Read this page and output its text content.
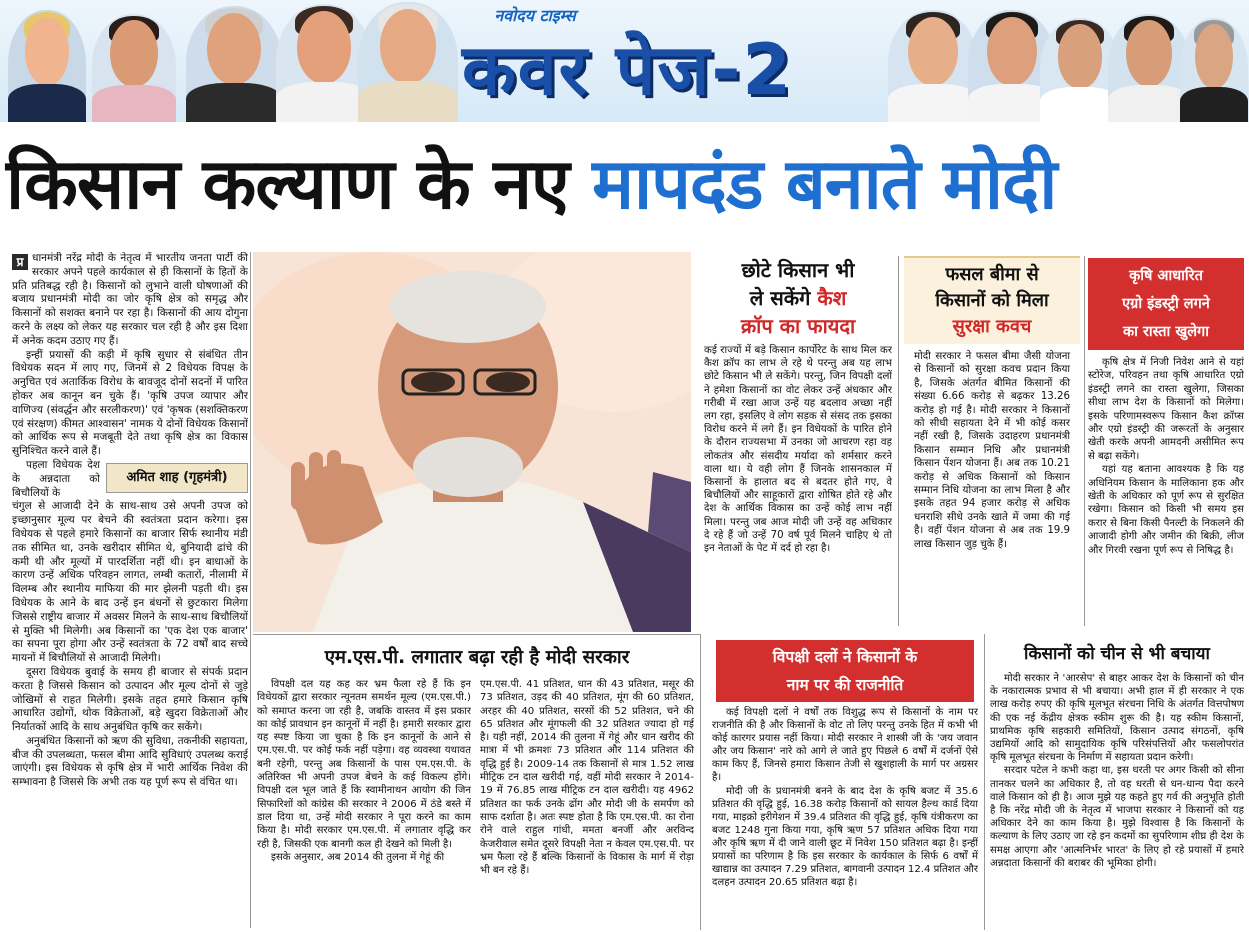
नवोदय टाइम्स
कवर पेज-2
किसान कल्याण के नए मापदंड बनाते मोदी
प्र धानमंत्री नरेंद्र मोदी के नेतृत्व में भारतीय जनता पार्टी की सरकार अपने पहले कार्यकाल से ही किसानों के हितों के प्रति प्रतिबद्ध रही है। किसानों को लुभाने वाली घोषणाओं की बजाय प्रधानमंत्री मोदी का जोर कृषि क्षेत्र को समृद्ध और किसानों को सशक्त बनाने पर रहा है। किसानों की आय दोगुना करने के लक्ष्य को लेकर यह सरकार चल रही है और इस दिशा में अनेक कदम उठाए गए हैं।

इन्हीं प्रयासों की कड़ी में कृषि सुधार से संबंधित तीन विधेयक सदन में लाए गए, जिनमें से 2 विधेयक विपक्ष के अनुचित एवं अतार्किक विरोध के बावजूद दोनों सदनों में पारित होकर अब कानून बन चुके हैं। 'कृषि उपज व्यापार और वाणिज्य (संवर्द्धन और सरलीकरण)' एवं 'कृषक (सशक्तिकरण एवं संरक्षण) कीमत आश्वासन' नामक ये दोनों विधेयक किसानों को आर्थिक रूप से मजबूती देते तथा कृषि क्षेत्र का विकास सुनिश्चित करने वाले हैं।

अमित शाह (गृहमंत्री)

पहला विधेयक देश के अन्नदाता को बिचौलियों के

चंगुल से आजादी देने के साथ-साथ उसे अपनी उपज को इच्छानुसार मूल्य पर बेचने की स्वतंत्रता प्रदान करेगा। इस विधेयक से पहले हमारे किसानों का बाजार सिर्फ स्थानीय मंडी तक सीमित था, उनके खरीदार सीमित थे, बुनियादी ढांचे की कमी थी और मूल्यों में पारदर्शिता नहीं थी। इन बाधाओं के कारण उन्हें अधिक परिवहन लागत, लम्बी कतारों, नीलामी में विलम्ब और स्थानीय माफिया की मार झेलनी पड़ती थी। इस विधेयक के आने के बाद उन्हें इन बंधनों से छुटकारा मिलेगा जिससे राष्ट्रीय बाजार में अवसर मिलने के साथ-साथ बिचौलियों से मुक्ति भी मिलेगी। अब किसानों का 'एक देश एक बाजार' का सपना पूरा होगा और उन्हें स्वतंत्रता के 72 वर्षों बाद सच्चे मायनों में बिचौलियों से आजादी मिलेगी।

दूसरा विधेयक बुवाई के समय ही बाजार से संपर्क प्रदान करता है जिससे किसान को उत्पादन और मूल्य दोनों से जुड़े जोखिमों से राहत मिलेगी। इसके तहत हमारे किसान कृषि आधारित उद्योगों, थोक विक्रेताओं, बड़े खुदरा विक्रेताओं और निर्यातकों आदि के साथ अनुबंधित कृषि कर सकेंगे।

अनुबंधित किसानों को ऋण की सुविधा, तकनीकी सहायता, बीज की उपलब्धता, फसल बीमा आदि सुविधाएं उपलब्ध कराई जाएंगी। इस विधेयक से कृषि क्षेत्र में भारी आर्थिक निवेश की सम्भावना है जिससे कि अभी तक यह पूर्ण रूप से वंचित था।

छोटे किसान भी
ले सकेंगे कैश
क्रॉप का फायदा
कई राज्यों में बड़े किसान कार्पोरेट के साथ मिल कर कैश क्रॉप का लाभ ले रहे थे परन्तु अब यह लाभ छोटे किसान भी ले सकेंगे। परन्तु, जिन विपक्षी दलों ने हमेशा किसानों का वोट लेकर उन्हें अंधकार और गरीबी में रखा आज उन्हें यह बदलाव अच्छा नहीं लग रहा, इसलिए वे लोग सड़क से संसद तक इसका विरोध करने में लगे हैं। इन विधेयकों के पारित होने के दौरान राज्यसभा में उनका जो आचरण रहा वह लोकतंत्र और संसदीय मर्यादा को शर्मसार करने वाला था। ये वही लोग हैं जिनके शासनकाल में किसानों के हालात बद से बदतर होते गए, वे बिचौलियों और साहूकारों द्वारा शोषित होते रहे और देश के आर्थिक विकास का उन्हें कोई लाभ नहीं मिला। परन्तु जब आज मोदी जी उन्हें वह अधिकार दे रहे हैं जो उन्हें 70 वर्ष पूर्व मिलने चाहिए थे तो इन नेताओं के पेट में दर्द हो रहा है।
फसल बीमा से
किसानों को मिला
सुरक्षा कवच
मोदी सरकार ने फसल बीमा जैसी योजना से किसानों को सुरक्षा कवच प्रदान किया है, जिसके अंतर्गत बीमित किसानों की संख्या 6.66 करोड़ से बढ़कर 13.26 करोड़ हो गई है। मोदी सरकार ने किसानों को सीधी सहायता देने में भी कोई कसर नहीं रखी है, जिसके उदाहरण प्रधानमंत्री किसान सम्मान निधि और प्रधानमंत्री किसान पेंशन योजना हैं। अब तक 10.21 करोड़ से अधिक किसानों को किसान सम्मान निधि योजना का लाभ मिला है और इसके तहत 94 हजार करोड़ से अधिक धनराशि सीधे उनके खाते में जमा की गई है। वहीं पेंशन योजना से अब तक 19.9 लाख किसान जुड़ चुके हैं।
कृषि आधारित
एग्रो इंडस्ट्री लगने
का रास्ता खुलेगा

कृषि क्षेत्र में निजी निवेश आने से यहां स्टोरेज, परिवहन तथा कृषि आधारित एग्रो इंडस्ट्री लगने का रास्ता खुलेगा, जिसका सीधा लाभ देश के किसानों को मिलेगा। इसके परिणामस्वरूप किसान कैश क्रॉप्स और एग्रो इंडस्ट्री की जरूरतों के अनुसार खेती करके अपनी आमदनी असीमित रूप से बढ़ा सकेंगे।

यहां यह बताना आवश्यक है कि यह अधिनियम किसान के मालिकाना हक और खेती के अधिकार को पूर्ण रूप से सुरक्षित रखेगा। किसान को किसी भी समय इस करार से बिना किसी पैनल्टी के निकलने की आजादी होगी और जमीन की बिक्री, लीज और गिरवी रखना पूर्ण रूप से निषिद्ध है।

एम.एस.पी. लगातार बढ़ा रही है मोदी सरकार

विपक्षी दल यह कह कर भ्रम फैला रहे हैं कि इन विधेयकों द्वारा सरकार न्यूनतम समर्थन मूल्य (एम.एस.पी.) को समाप्त करना जा रही है, जबकि वास्तव में इस प्रकार का कोई प्रावधान इन कानूनों में नहीं है। हमारी सरकार द्वारा यह स्पष्ट किया जा चुका है कि इन कानूनों के आने से एम.एस.पी. पर कोई फर्क नहीं पड़ेगा। वह व्यवस्था यथावत बनी रहेगी, परन्तु अब किसानों के पास एम.एस.पी. के अतिरिक्त भी अपनी उपज बेचने के कई विकल्प होंगे। विपक्षी दल भूल जाते हैं कि स्वामीनाथन आयोग की जिन सिफारिशों को कांग्रेस की सरकार ने 2006 में ठंडे बस्ते में डाल दिया था, उन्हें मोदी सरकार ने पूरा करने का काम किया है। मोदी सरकार एम.एस.पी. में लगातार वृद्धि कर रही है, जिसकी एक बानगी कल ही देखने को मिली है।

इसके अनुसार, अब 2014 की तुलना में गेहूं की

एम.एस.पी. 41 प्रतिशत, धान की 43 प्रतिशत, मसूर की 73 प्रतिशत, उड़द की 40 प्रतिशत, मूंग की 60 प्रतिशत, अरहर की 40 प्रतिशत, सरसों की 52 प्रतिशत, चने की 65 प्रतिशत और मूंगफली की 32 प्रतिशत ज्यादा हो गई है। यही नहीं, 2014 की तुलना में गेहूं और धान खरीद की मात्रा में भी क्रमशः 73 प्रतिशत और 114 प्रतिशत की वृद्धि हुई है। 2009-14 तक किसानों से मात्र 1.52 लाख मीट्रिक टन दाल खरीदी गई, वहीं मोदी सरकार ने 2014-19 में 76.85 लाख मीट्रिक टन दाल खरीदी। यह 4962 प्रतिशत का फर्क उनके ढोंग और मोदी जी के समर्पण को साफ दर्शाता है। अतः स्पष्ट होता है कि एम.एस.पी. का रोना रोने वाले राहुल गांधी, ममता बनर्जी और अरविन्द केजरीवाल समेत दूसरे विपक्षी नेता न केवल एम.एस.पी. पर भ्रम फैला रहे हैं बल्कि किसानों के विकास के मार्ग में रोड़ा भी बन रहे हैं।

विपक्षी दलों ने किसानों के
नाम पर की राजनीति

कई विपक्षी दलों ने वर्षों तक विशुद्ध रूप से किसानों के नाम पर राजनीति की है और किसानों के वोट तो लिए परन्तु उनके हित में कभी भी कोई कारगर प्रयास नहीं किया। मोदी सरकार ने शास्त्री जी के 'जय जवान और जय किसान' नारे को आगे ले जाते हुए पिछले 6 वर्षों में दर्जनों ऐसे काम किए हैं, जिनसे हमारा किसान तेजी से खुशहाली के मार्ग पर अग्रसर है।

मोदी जी के प्रधानमंत्री बनने के बाद देश के कृषि बजट में 35.6 प्रतिशत की वृद्धि हुई, 16.38 करोड़ किसानों को सायल हैल्थ कार्ड दिया गया, माइक्रो इरीगेशन में 39.4 प्रतिशत की वृद्धि हुई, कृषि यंत्रीकरण का बजट 1248 गुना किया गया, कृषि ऋण 57 प्रतिशत अधिक दिया गया और कृषि ऋण में दी जाने वाली छूट में निवेश 150 प्रतिशत बढ़ा है। इन्हीं प्रयासों का परिणाम है कि इस सरकार के कार्यकाल के सिर्फ 6 वर्षों में खाद्यान्न का उत्पादन 7.29 प्रतिशत, बागवानी उत्पादन 12.4 प्रतिशत और दलहन उत्पादन 20.65 प्रतिशत बढ़ा है।

किसानों को चीन से भी बचाया

मोदी सरकार ने 'आरसेप' से बाहर आकर देश के किसानों को चीन के नकारात्मक प्रभाव से भी बचाया। अभी हाल में ही सरकार ने एक लाख करोड़ रुपए की कृषि मूलभूत संरचना निधि के अंतर्गत वित्तपोषण की एक नई केंद्रीय क्षेत्रक स्कीम शुरू की है। यह स्कीम किसानों, प्राथमिक कृषि सहकारी समितियों, किसान उत्पाद संगठनों, कृषि उद्यमियों आदि को सामुदायिक कृषि परिसंपत्तियों और फसलोपरांत कृषि मूलभूत संरचना के निर्माण में सहायता प्रदान करेगी।

सरदार पटेल ने कभी कहा था, इस धरती पर अगर किसी को सीना तानकर चलने का अधिकार है, तो वह धरती से धन-धान्य पैदा करने वाले किसान को ही है। आज मुझे यह कहते हुए गर्व की अनुभूति होती है कि नरेंद्र मोदी जी के नेतृत्व में भाजपा सरकार ने किसानों को यह अधिकार देने का काम किया है। मुझे विश्वास है कि किसानों के कल्याण के लिए उठाए जा रहे इन कदमों का सुपरिणाम शीघ्र ही देश के समक्ष आएगा और 'आत्मनिर्भर भारत' के लिए हो रहे प्रयासों में हमारे अन्नदाता किसानों की बराबर की भूमिका होगी।
